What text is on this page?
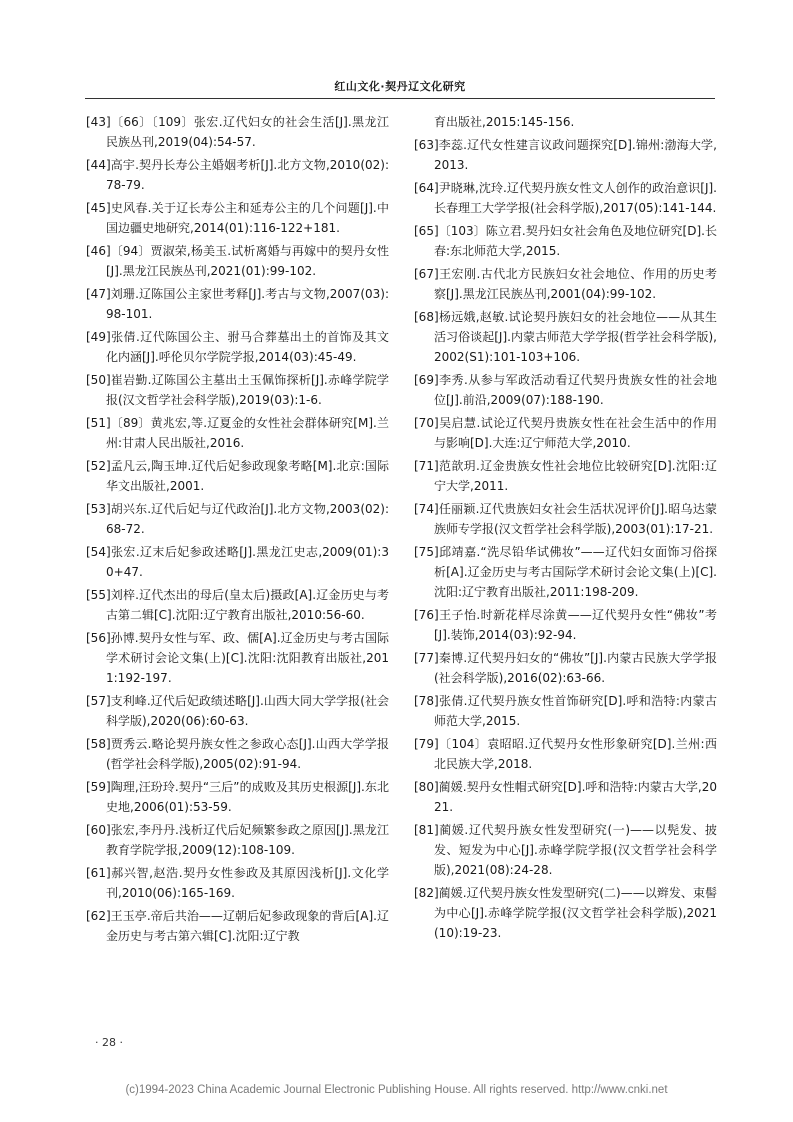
红山文化·契丹辽文化研究

[43]〔66〕〔109〕张宏.辽代妇女的社会生活[J].黑龙江民族丛刊,2019(04):54-57.

[44]高宇.契丹长寿公主婚姻考析[J].北方文物,2010(02):78-79.

[45]史风春.关于辽长寿公主和延寿公主的几个问题[J].中国边疆史地研究,2014(01):116-122+181.

[46]〔94〕贾淑荣,杨美玉.试析离婚与再嫁中的契丹女性[J].黑龙江民族丛刊,2021(01):99-102.

[47]刘珊.辽陈国公主家世考释[J].考古与文物,2007(03):98-101.

[49]张倩.辽代陈国公主、驸马合葬墓出土的首饰及其文化内涵[J].呼伦贝尔学院学报,2014(03):45-49.

[50]崔岩勤.辽陈国公主墓出土玉佩饰探析[J].赤峰学院学报(汉文哲学社会科学版),2019(03):1-6.

[51]〔89〕黄兆宏,等.辽夏金的女性社会群体研究[M].兰州:甘肃人民出版社,2016.

[52]孟凡云,陶玉坤.辽代后妃参政现象考略[M].北京:国际华文出版社,2001.

[53]胡兴东.辽代后妃与辽代政治[J].北方文物,2003(02):68-72.

[54]张宏.辽末后妃参政述略[J].黑龙江史志,2009(01):30+47.

[55]刘梓.辽代杰出的母后(皇太后)摄政[A].辽金历史与考古第二辑[C].沈阳:辽宁教育出版社,2010:56-60.

[56]孙博.契丹女性与军、政、儒[A].辽金历史与考古国际学术研讨会论文集(上)[C].沈阳:沈阳教育出版社,2011:192-197.

[57]支利峰.辽代后妃政绩述略[J].山西大同大学学报(社会科学版),2020(06):60-63.

[58]贾秀云.略论契丹族女性之参政心态[J].山西大学学报(哲学社会科学版),2005(02):91-94.

[59]陶理,汪玢玲.契丹“三后”的成败及其历史根源[J].东北史地,2006(01):53-59.

[60]张宏,李丹丹.浅析辽代后妃频繁参政之原因[J].黑龙江教育学院学报,2009(12):108-109.

[61]郝兴智,赵浩.契丹女性参政及其原因浅析[J].文化学刊,2010(06):165-169.

[62]王玉亭.帝后共治——辽朝后妃参政现象的背后[A].辽金历史与考古第六辑[C].沈阳:辽宁教

育出版社,2015:145-156.

[63]李蕊.辽代女性建言议政问题探究[D].锦州:渤海大学,2013.

[64]尹晓琳,沈玲.辽代契丹族女性文人创作的政治意识[J].长春理工大学学报(社会科学版),2017(05):141-144.

[65]〔103〕陈立君.契丹妇女社会角色及地位研究[D].长春:东北师范大学,2015.

[67]王宏刚.古代北方民族妇女社会地位、作用的历史考察[J].黑龙江民族丛刊,2001(04):99-102.

[68]杨远娥,赵敏.试论契丹族妇女的社会地位——从其生活习俗谈起[J].内蒙古师范大学学报(哲学社会科学版),2002(S1):101-103+106.

[69]李秀.从参与军政活动看辽代契丹贵族女性的社会地位[J].前沿,2009(07):188-190.

[70]吴启慧.试论辽代契丹贵族女性在社会生活中的作用与影响[D].大连:辽宁师范大学,2010.

[71]范歆玥.辽金贵族女性社会地位比较研究[D].沈阳:辽宁大学,2011.

[74]任丽颖.辽代贵族妇女社会生活状况评价[J].昭乌达蒙族师专学报(汉文哲学社会科学版),2003(01):17-21.

[75]邱靖嘉.“洗尽铅华试佛妆”——辽代妇女面饰习俗探析[A].辽金历史与考古国际学术研讨会论文集(上)[C].沈阳:辽宁教育出版社,2011:198-209.

[76]王子怡.时新花样尽涂黄——辽代契丹女性“佛妆”考[J].装饰,2014(03):92-94.

[77]秦博.辽代契丹妇女的“佛妆”[J].内蒙古民族大学学报(社会科学版),2016(02):63-66.

[78]张倩.辽代契丹族女性首饰研究[D].呼和浩特:内蒙古师范大学,2015.

[79]〔104〕袁昭昭.辽代契丹女性形象研究[D].兰州:西北民族大学,2018.

[80]蔺媛.契丹女性帽式研究[D].呼和浩特:内蒙古大学,2021.

[81]蔺媛.辽代契丹族女性发型研究(一)——以髡发、披发、短发为中心[J].赤峰学院学报(汉文哲学社会科学版),2021(08):24-28.

[82]蔺媛.辽代契丹族女性发型研究(二)——以辫发、束髻为中心[J].赤峰学院学报(汉文哲学社会科学版),2021(10):19-23.

· 28 ·
(c)1994-2023 China Academic Journal Electronic Publishing House. All rights reserved. http://www.cnki.net
